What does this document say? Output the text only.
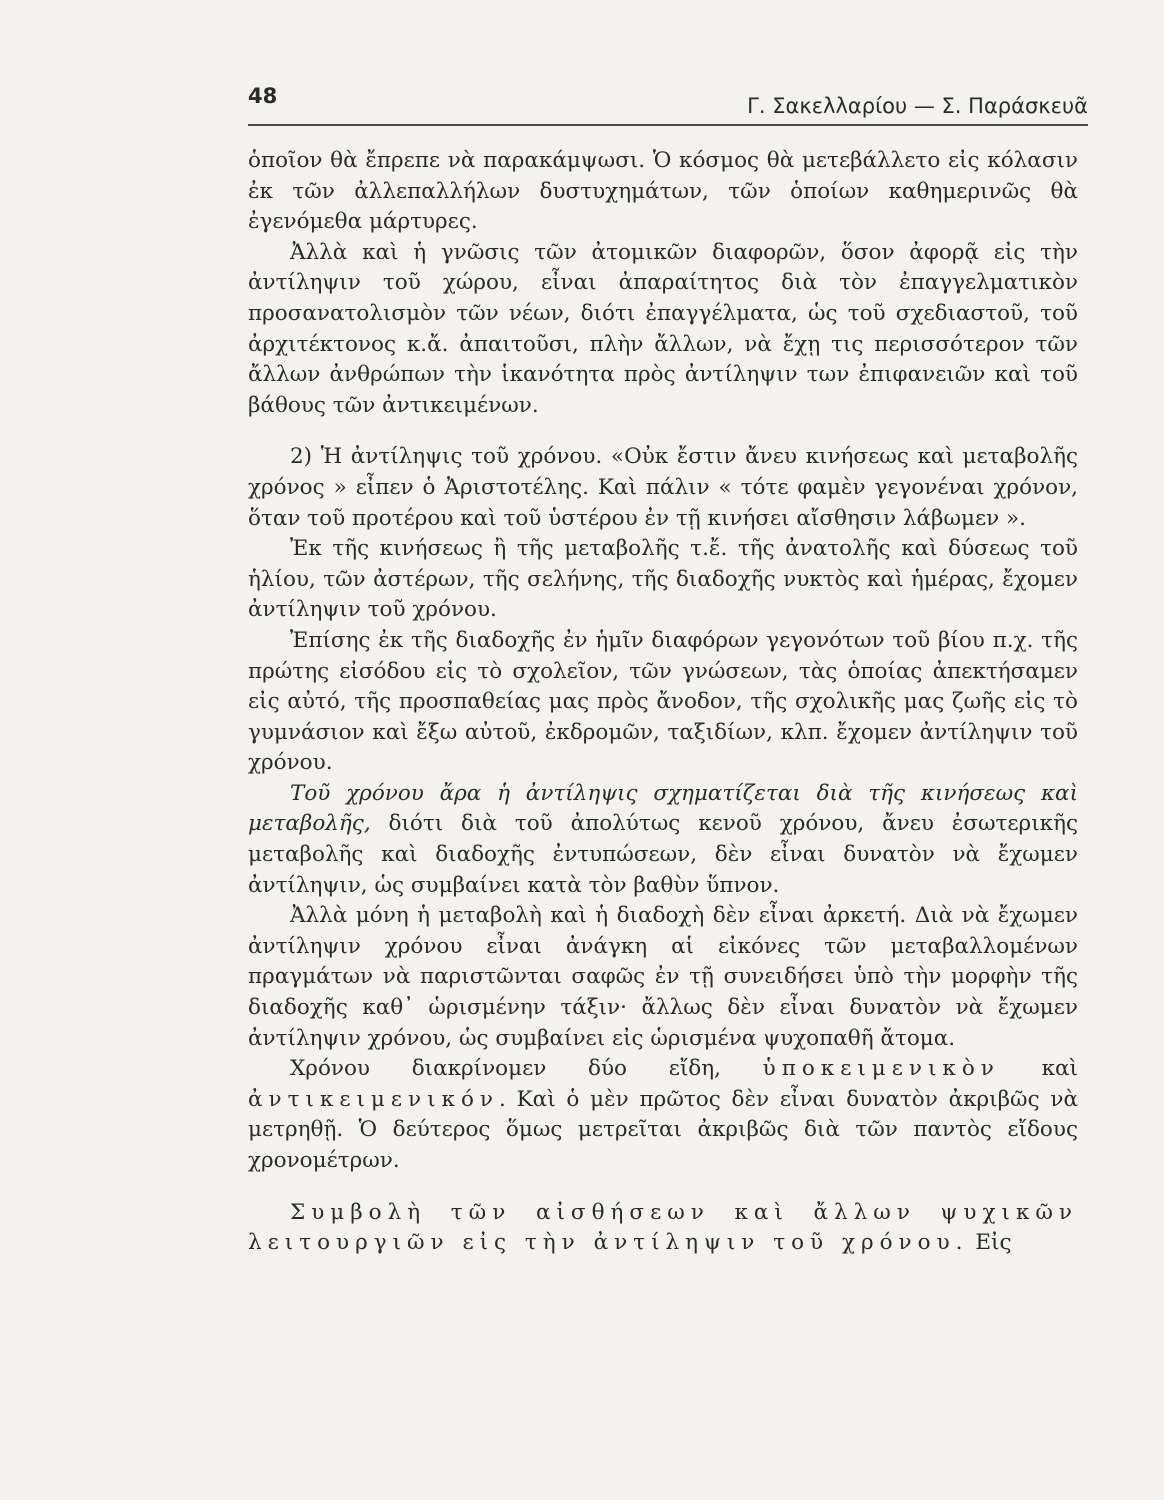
48	Γ. Σακελλαρίου — Σ. Παράσκευᾶ

ὁποῖον θὰ ἔπρεπε νὰ παρακάμψωσι. Ὁ κόσμος θὰ μετεβάλλετο εἰς κόλασιν ἐκ τῶν ἀλλεπαλλήλων δυστυχημάτων, τῶν ὁποίων καθημερινῶς θὰ ἐγενόμεθα μάρτυρες.

Ἀλλὰ καὶ ἡ γνῶσις τῶν ἀτομικῶν διαφορῶν, ὅσον ἀφορᾷ εἰς τὴν ἀντίληψιν τοῦ χώρου, εἶναι ἀπαραίτητος διὰ τὸν ἐπαγγελματικὸν προσανατολισμὸν τῶν νέων, διότι ἐπαγγέλματα, ὡς τοῦ σχεδιαστοῦ, τοῦ ἀρχιτέκτονος κ.ἄ. ἀπαιτοῦσι, πλὴν ἄλλων, νὰ ἔχῃ τις περισσότερον τῶν ἄλλων ἀνθρώπων τὴν ἱκανότητα πρὸς ἀντίληψιν των ἐπιφανειῶν καὶ τοῦ βάθους τῶν ἀντικειμένων.

2) Ἡ ἀντίληψις τοῦ χρόνου. «Οὐκ ἔστιν ἄνευ κινήσεως καὶ μεταβολῆς χρόνος » εἶπεν ὁ Ἀριστοτέλης. Καὶ πάλιν « τότε φαμὲν γεγονέναι χρόνον, ὅταν τοῦ προτέρου καὶ τοῦ ὑστέρου ἐν τῇ κινήσει αἴσθησιν λάβωμεν ».

Ἐκ τῆς κινήσεως ἢ τῆς μεταβολῆς τ.ἔ. τῆς ἀνατολῆς καὶ δύσεως τοῦ ἡλίου, τῶν ἀστέρων, τῆς σελήνης, τῆς διαδοχῆς νυκτὸς καὶ ἡμέρας, ἔχομεν ἀντίληψιν τοῦ χρόνου.

Ἐπίσης ἐκ τῆς διαδοχῆς ἐν ἡμῖν διαφόρων γεγονότων τοῦ βίου π.χ. τῆς πρώτης εἰσόδου εἰς τὸ σχολεῖον, τῶν γνώσεων, τὰς ὁποίας ἀπεκτήσαμεν εἰς αὐτό, τῆς προσπαθείας μας πρὸς ἄνοδον, τῆς σχολικῆς μας ζωῆς εἰς τὸ γυμνάσιον καὶ ἔξω αὐτοῦ, ἐκδρομῶν, ταξιδίων, κλπ. ἔχομεν ἀντίληψιν τοῦ χρόνου.

Τοῦ χρόνου ἄρα ἡ ἀντίληψις σχηματίζεται διὰ τῆς κινήσεως καὶ μεταβολῆς, διότι διὰ τοῦ ἀπολύτως κενοῦ χρόνου, ἄνευ ἐσωτερικῆς μεταβολῆς καὶ διαδοχῆς ἐντυπώσεων, δὲν εἶναι δυνατὸν νὰ ἔχωμεν ἀντίληψιν, ὡς συμβαίνει κατὰ τὸν βαθὺν ὕπνον.

Ἀλλὰ μόνη ἡ μεταβολὴ καὶ ἡ διαδοχὴ δὲν εἶναι ἀρκετή. Διὰ νὰ ἔχωμεν ἀντίληψιν χρόνου εἶναι ἀνάγκη αἱ εἰκόνες τῶν μεταβαλλομένων πραγμάτων νὰ παριστῶνται σαφῶς ἐν τῇ συνειδήσει ὑπὸ τὴν μορφὴν τῆς διαδοχῆς καθ᾽ ὡρισμένην τάξιν· ἄλλως δὲν εἶναι δυνατὸν νὰ ἔχωμεν ἀντίληψιν χρόνου, ὡς συμβαίνει εἰς ὡρισμένα ψυχοπαθῆ ἄτομα.

Χρόνου διακρίνομεν δύο εἴδη, ὑποκειμενικὸν καὶ ἀντικειμενικόν. Καὶ ὁ μὲν πρῶτος δὲν εἶναι δυνατὸν ἀκριβῶς νὰ μετρηθῇ. Ὁ δεύτερος ὅμως μετρεῖται ἀκριβῶς διὰ τῶν παντὸς εἴδους χρονομέτρων.

Συμβολὴ τῶν αἰσθήσεων καὶ ἄλλων ψυχικῶν λειτουργιῶν εἰς τὴν ἀντίληψιν τοῦ χρόνου. Εἰς
